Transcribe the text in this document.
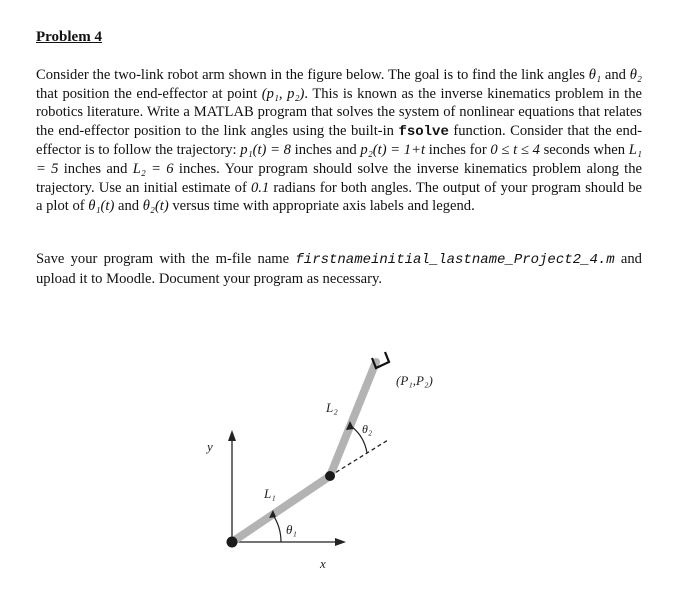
Problem 4
Consider the two-link robot arm shown in the figure below. The goal is to find the link angles θ₁ and θ₂ that position the end-effector at point (p₁, p₂). This is known as the inverse kinematics problem in the robotics literature. Write a MATLAB program that solves the system of nonlinear equations that relates the end-effector position to the link angles using the built-in fsolve function. Consider that the end-effector is to follow the trajectory: p₁(t) = 8 inches and p₂(t) = 1+t inches for 0 ≤ t ≤ 4 seconds when L₁ = 5 inches and L₂ = 6 inches. Your program should solve the inverse kinematics problem along the trajectory. Use an initial estimate of 0.1 radians for both angles. The output of your program should be a plot of θ₁(t) and θ₂(t) versus time with appropriate axis labels and legend.
Save your program with the m-file name firstnameinitial_lastname_Project2_4.m and upload it to Moodle. Document your program as necessary.
y
x
L₁
L₂
θ₁
θ₂
(P₁,P₂)
